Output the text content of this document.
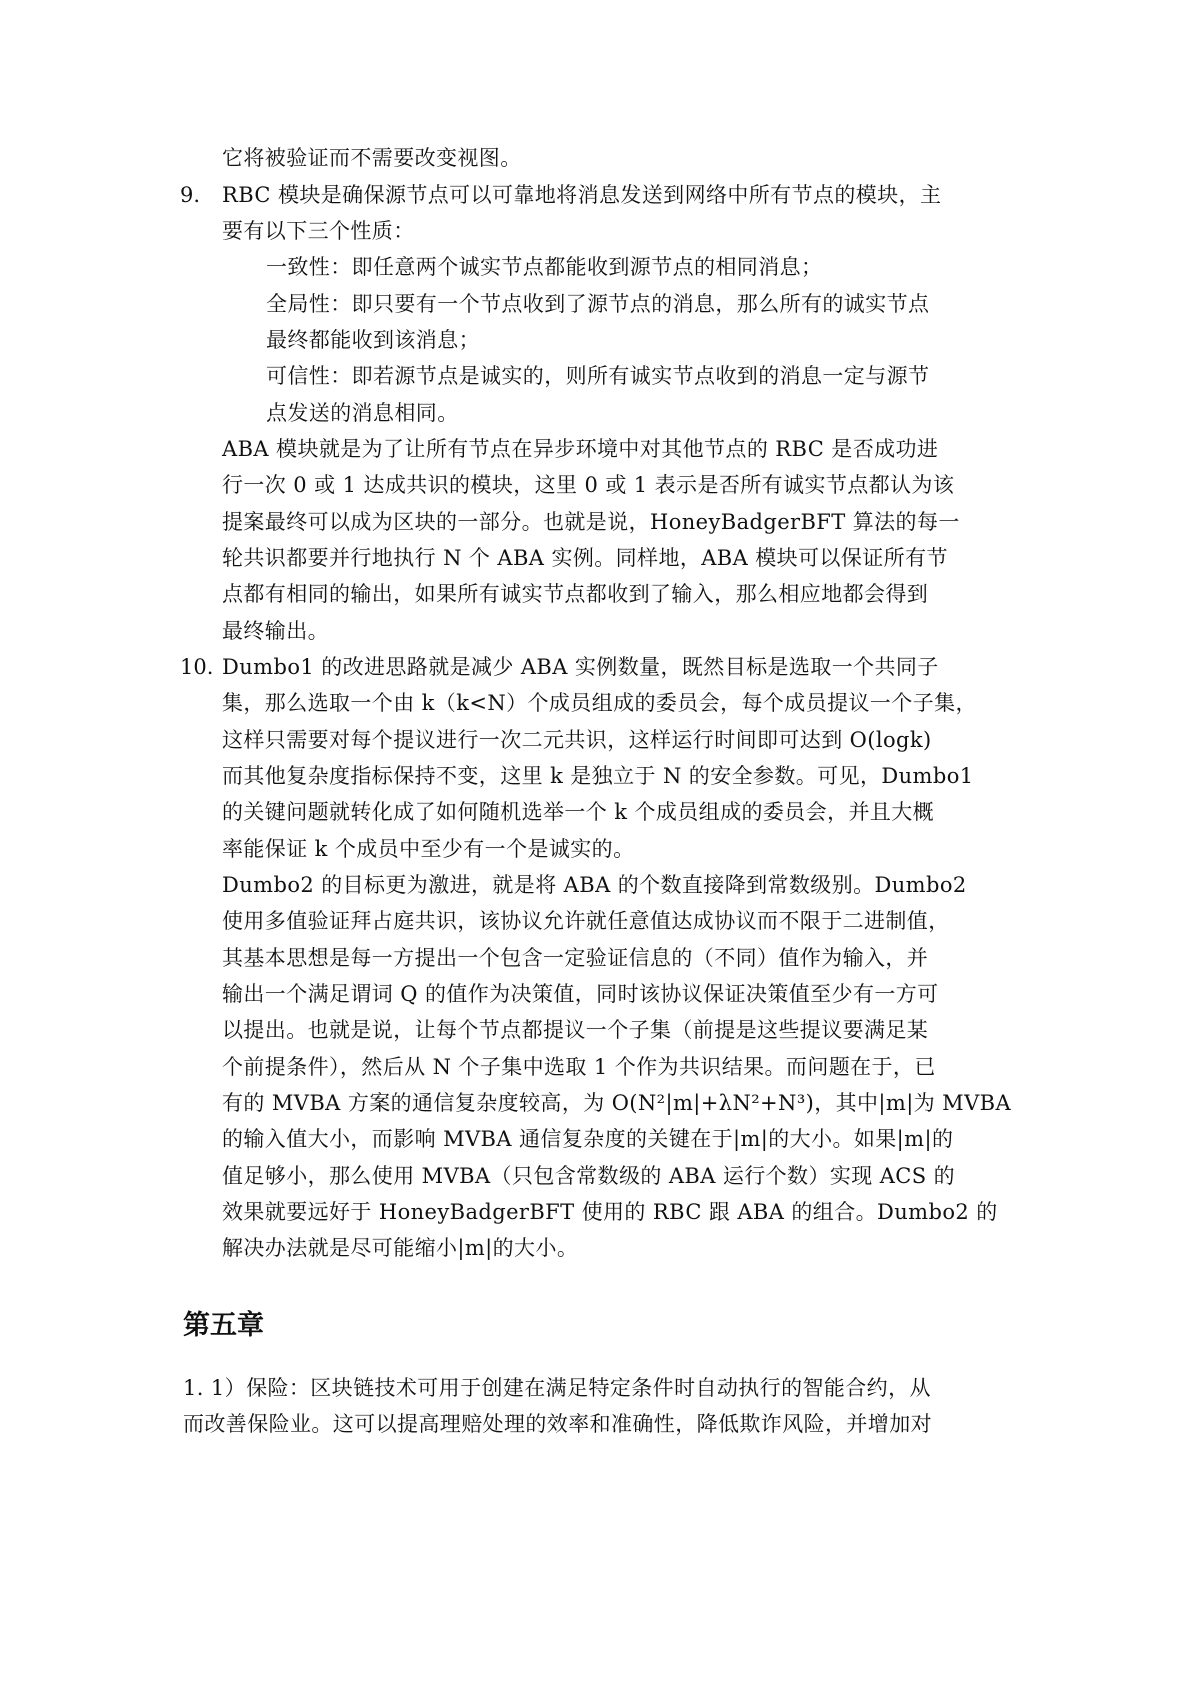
它将被验证而不需要改变视图。
9. RBC 模块是确保源节点可以可靠地将消息发送到网络中所有节点的模块，主
要有以下三个性质：
一致性：即任意两个诚实节点都能收到源节点的相同消息；
全局性：即只要有一个节点收到了源节点的消息，那么所有的诚实节点
最终都能收到该消息；
可信性：即若源节点是诚实的，则所有诚实节点收到的消息一定与源节
点发送的消息相同。
ABA 模块就是为了让所有节点在异步环境中对其他节点的 RBC 是否成功进
行一次 0 或 1 达成共识的模块，这里 0 或 1 表示是否所有诚实节点都认为该
提案最终可以成为区块的一部分。也就是说，HoneyBadgerBFT 算法的每一
轮共识都要并行地执行 N 个 ABA 实例。同样地，ABA 模块可以保证所有节
点都有相同的输出，如果所有诚实节点都收到了输入，那么相应地都会得到
最终输出。
10. Dumbo1 的改进思路就是减少 ABA 实例数量，既然目标是选取一个共同子
集，那么选取一个由 k（k<N）个成员组成的委员会，每个成员提议一个子集，
这样只需要对每个提议进行一次二元共识，这样运行时间即可达到 O(logk)
而其他复杂度指标保持不变，这里 k 是独立于 N 的安全参数。可见，Dumbo1
的关键问题就转化成了如何随机选举一个 k 个成员组成的委员会，并且大概
率能保证 k 个成员中至少有一个是诚实的。
Dumbo2 的目标更为激进，就是将 ABA 的个数直接降到常数级别。Dumbo2
使用多值验证拜占庭共识，该协议允许就任意值达成协议而不限于二进制值，
其基本思想是每一方提出一个包含一定验证信息的（不同）值作为输入，并
输出一个满足谓词 Q 的值作为决策值，同时该协议保证决策值至少有一方可
以提出。也就是说，让每个节点都提议一个子集（前提是这些提议要满足某
个前提条件），然后从 N 个子集中选取 1 个作为共识结果。而问题在于，已
有的 MVBA 方案的通信复杂度较高，为 O(N²|m|+λN²+N³)，其中|m|为 MVBA
的输入值大小，而影响 MVBA 通信复杂度的关键在于|m|的大小。如果|m|的
值足够小，那么使用 MVBA（只包含常数级的 ABA 运行个数）实现 ACS 的
效果就要远好于 HoneyBadgerBFT 使用的 RBC 跟 ABA 的组合。Dumbo2 的
解决办法就是尽可能缩小|m|的大小。
第五章
1. 1）保险：区块链技术可用于创建在满足特定条件时自动执行的智能合约，从
而改善保险业。这可以提高理赔处理的效率和准确性，降低欺诈风险，并增加对
